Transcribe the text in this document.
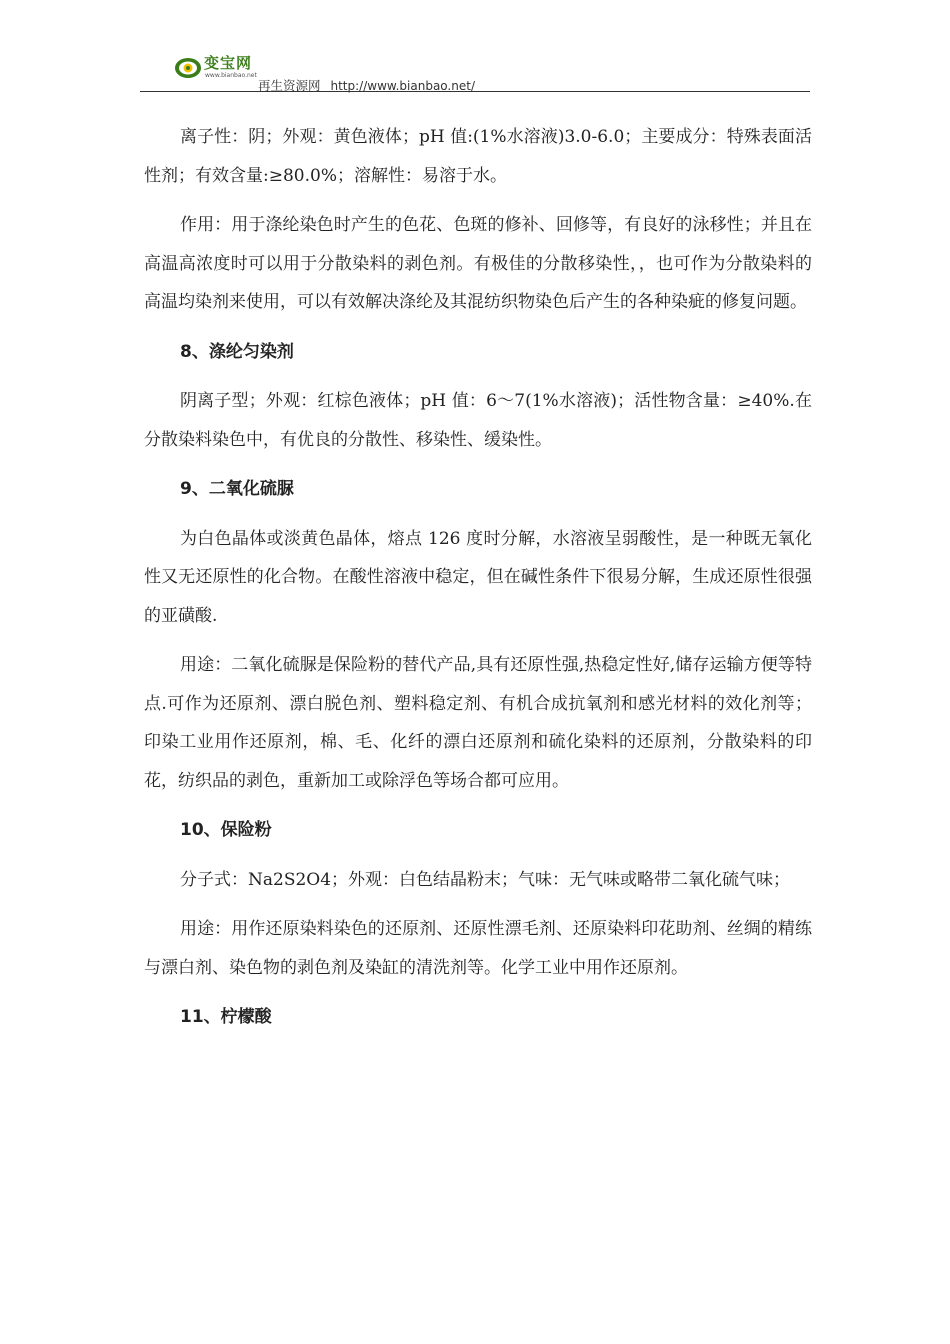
变宝网
www.bianbao.net
再生资源网 http://www.bianbao.net/

离子性：阴；外观：黄色液体；pH 值:(1%水溶液)3.0-6.0；主要成分：特殊表面活性剂；有效含量:≥80.0%；溶解性：易溶于水。

作用：用于涤纶染色时产生的色花、色斑的修补、回修等，有良好的泳移性；并且在高温高浓度时可以用于分散染料的剥色剂。有极佳的分散移染性，，也可作为分散染料的高温均染剂来使用，可以有效解决涤纶及其混纺织物染色后产生的各种染疵的修复问题。

8、涤纶匀染剂

阴离子型；外观：红棕色液体；pH 值：6～7(1%水溶液)；活性物含量：≥40%.在分散染料染色中，有优良的分散性、移染性、缓染性。

9、二氧化硫脲

为白色晶体或淡黄色晶体，熔点 126 度时分解，水溶液呈弱酸性，是一种既无氧化性又无还原性的化合物。在酸性溶液中稳定，但在碱性条件下很易分解，生成还原性很强的亚磺酸.

用途：二氧化硫脲是保险粉的替代产品,具有还原性强,热稳定性好,储存运输方便等特点.可作为还原剂、漂白脱色剂、塑料稳定剂、有机合成抗氧剂和感光材料的效化剂等；印染工业用作还原剂，棉、毛、化纤的漂白还原剂和硫化染料的还原剂，分散染料的印花，纺织品的剥色，重新加工或除浮色等场合都可应用。

10、保险粉

分子式：Na2S2O4；外观：白色结晶粉末；气味：无气味或略带二氧化硫气味；

用途：用作还原染料染色的还原剂、还原性漂毛剂、还原染料印花助剂、丝绸的精练与漂白剂、染色物的剥色剂及染缸的清洗剂等。化学工业中用作还原剂。

11、柠檬酸
